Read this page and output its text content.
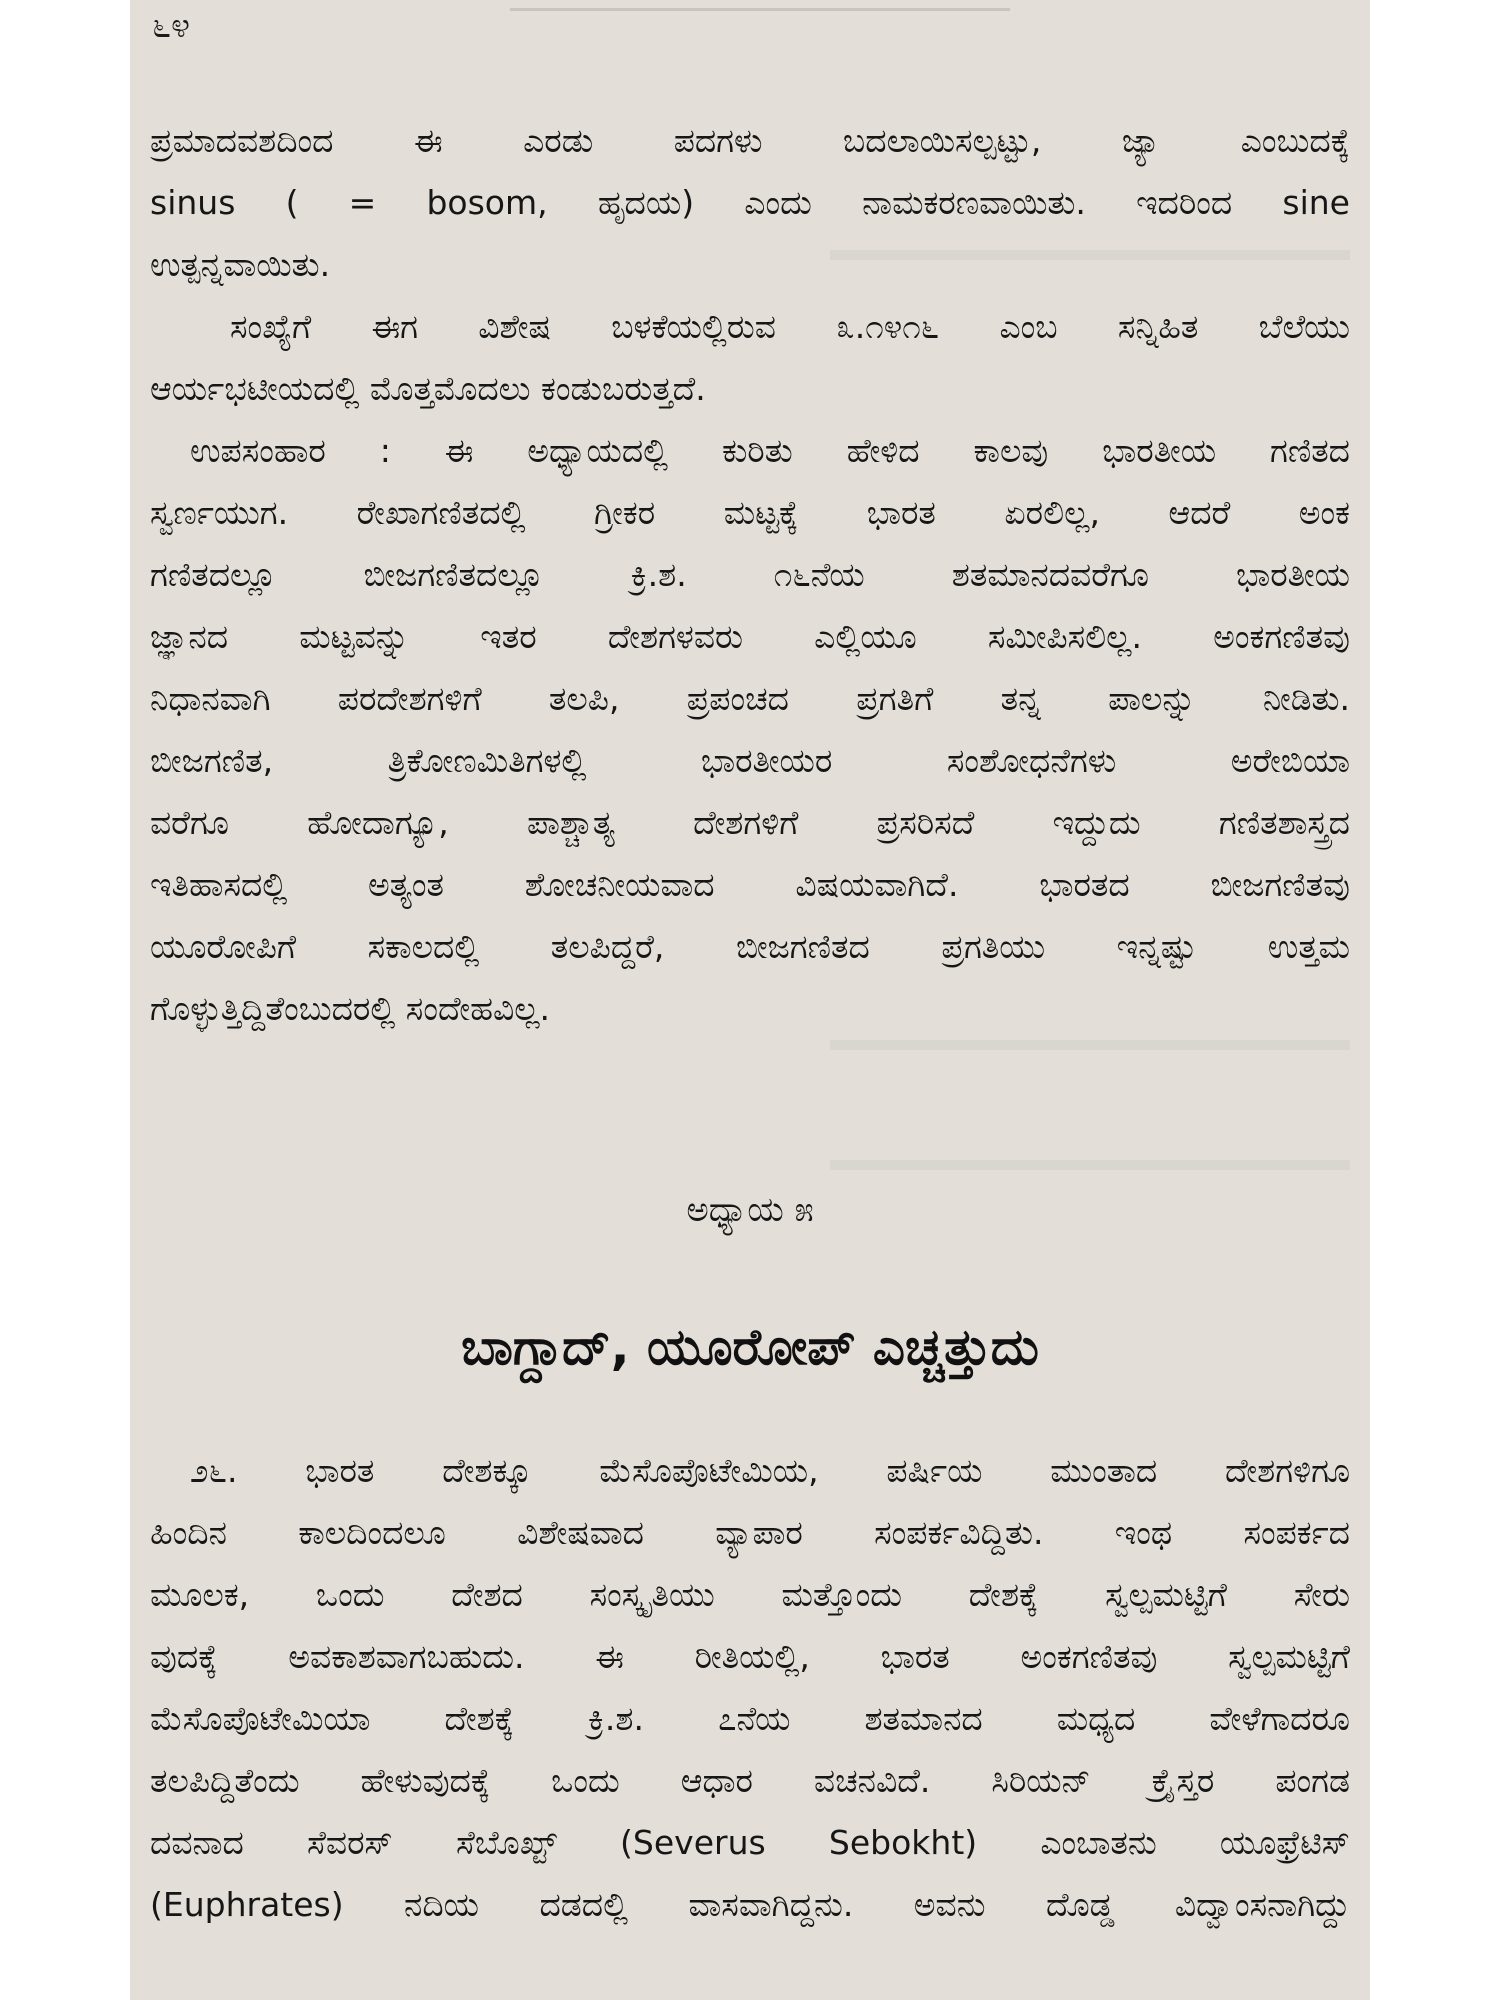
೬೪
ಪ್ರಮಾದವಶದಿಂದ ಈ ಎರಡು ಪದಗಳು ಬದಲಾಯಿಸಲ್ಪಟ್ಟು, ಜ್ಯಾ ಎಂಬುದಕ್ಕೆ
sinus ( = bosom, ಹೃದಯ) ಎಂದು ನಾಮಕರಣವಾಯಿತು. ಇದರಿಂದ sine
ಉತ್ಪನ್ನವಾಯಿತು.
ಸಂಖ್ಯೆಗೆ ಈಗ ವಿಶೇಷ ಬಳಕೆಯಲ್ಲಿರುವ ೩.೧೪೧೬ ಎಂಬ ಸನ್ನಿಹಿತ ಬೆಲೆಯು
ಆರ್ಯಭಟೀಯದಲ್ಲಿ ಮೊತ್ತಮೊದಲು ಕಂಡುಬರುತ್ತದೆ.
ಉಪಸಂಹಾರ : ಈ ಅಧ್ಯಾಯದಲ್ಲಿ ಕುರಿತು ಹೇಳಿದ ಕಾಲವು ಭಾರತೀಯ ಗಣಿತದ
ಸ್ವರ್ಣಯುಗ. ರೇಖಾಗಣಿತದಲ್ಲಿ ಗ್ರೀಕರ ಮಟ್ಟಕ್ಕೆ ಭಾರತ ಏರಲಿಲ್ಲ, ಆದರೆ ಅಂಕ
ಗಣಿತದಲ್ಲೂ ಬೀಜಗಣಿತದಲ್ಲೂ ಕ್ರಿ.ಶ. ೧೬ನೆಯ ಶತಮಾನದವರೆಗೂ ಭಾರತೀಯ
ಜ್ಞಾನದ ಮಟ್ಟವನ್ನು ಇತರ ದೇಶಗಳವರು ಎಲ್ಲಿಯೂ ಸಮೀಪಿಸಲಿಲ್ಲ. ಅಂಕಗಣಿತವು
ನಿಧಾನವಾಗಿ ಪರದೇಶಗಳಿಗೆ ತಲಪಿ, ಪ್ರಪಂಚದ ಪ್ರಗತಿಗೆ ತನ್ನ ಪಾಲನ್ನು ನೀಡಿತು.
ಬೀಜಗಣಿತ, ತ್ರಿಕೋಣಮಿತಿಗಳಲ್ಲಿ ಭಾರತೀಯರ ಸಂಶೋಧನೆಗಳು ಅರೇಬಿಯಾ
ವರೆಗೂ ಹೋದಾಗ್ಯೂ, ಪಾಶ್ಚಾತ್ಯ ದೇಶಗಳಿಗೆ ಪ್ರಸರಿಸದೆ ಇದ್ದುದು ಗಣಿತಶಾಸ್ತ್ರದ
ಇತಿಹಾಸದಲ್ಲಿ ಅತ್ಯಂತ ಶೋಚನೀಯವಾದ ವಿಷಯವಾಗಿದೆ. ಭಾರತದ ಬೀಜಗಣಿತವು
ಯೂರೋಪಿಗೆ ಸಕಾಲದಲ್ಲಿ ತಲಪಿದ್ದರೆ, ಬೀಜಗಣಿತದ ಪ್ರಗತಿಯು ಇನ್ನಷ್ಟು ಉತ್ತಮ
ಗೊಳ್ಳುತ್ತಿದ್ದಿತೆಂಬುದರಲ್ಲಿ ಸಂದೇಹವಿಲ್ಲ.
ಅಧ್ಯಾಯ ೫
ಬಾಗ್ದಾದ್, ಯೂರೋಪ್ ಎಚ್ಚತ್ತುದು
೨೬. ಭಾರತ ದೇಶಕ್ಕೂ ಮೆಸೊಪೊಟೇಮಿಯ, ಪರ್ಷಿಯ ಮುಂತಾದ ದೇಶಗಳಿಗೂ
ಹಿಂದಿನ ಕಾಲದಿಂದಲೂ ವಿಶೇಷವಾದ ವ್ಯಾಪಾರ ಸಂಪರ್ಕವಿದ್ದಿತು. ಇಂಥ ಸಂಪರ್ಕದ
ಮೂಲಕ, ಒಂದು ದೇಶದ ಸಂಸ್ಕೃತಿಯು ಮತ್ತೊಂದು ದೇಶಕ್ಕೆ ಸ್ವಲ್ಪಮಟ್ಟಿಗೆ ಸೇರು
ವುದಕ್ಕೆ ಅವಕಾಶವಾಗಬಹುದು. ಈ ರೀತಿಯಲ್ಲಿ, ಭಾರತ ಅಂಕಗಣಿತವು ಸ್ವಲ್ಪಮಟ್ಟಿಗೆ
ಮೆಸೊಪೊಟೇಮಿಯಾ ದೇಶಕ್ಕೆ ಕ್ರಿ.ಶ. ೭ನೆಯ ಶತಮಾನದ ಮಧ್ಯದ ವೇಳೆಗಾದರೂ
ತಲಪಿದ್ದಿತೆಂದು ಹೇಳುವುದಕ್ಕೆ ಒಂದು ಆಧಾರ ವಚನವಿದೆ. ಸಿರಿಯನ್ ಕ್ರೈಸ್ತರ ಪಂಗಡ
ದವನಾದ ಸೆವರಸ್ ಸೆಬೊಖ್ಟ್ (Severus Sebokht) ಎಂಬಾತನು ಯೂಫ್ರೆಟಿಸ್
(Euphrates) ನದಿಯ ದಡದಲ್ಲಿ ವಾಸವಾಗಿದ್ದನು. ಅವನು ದೊಡ್ಡ ವಿದ್ವಾಂಸನಾಗಿದ್ದು
